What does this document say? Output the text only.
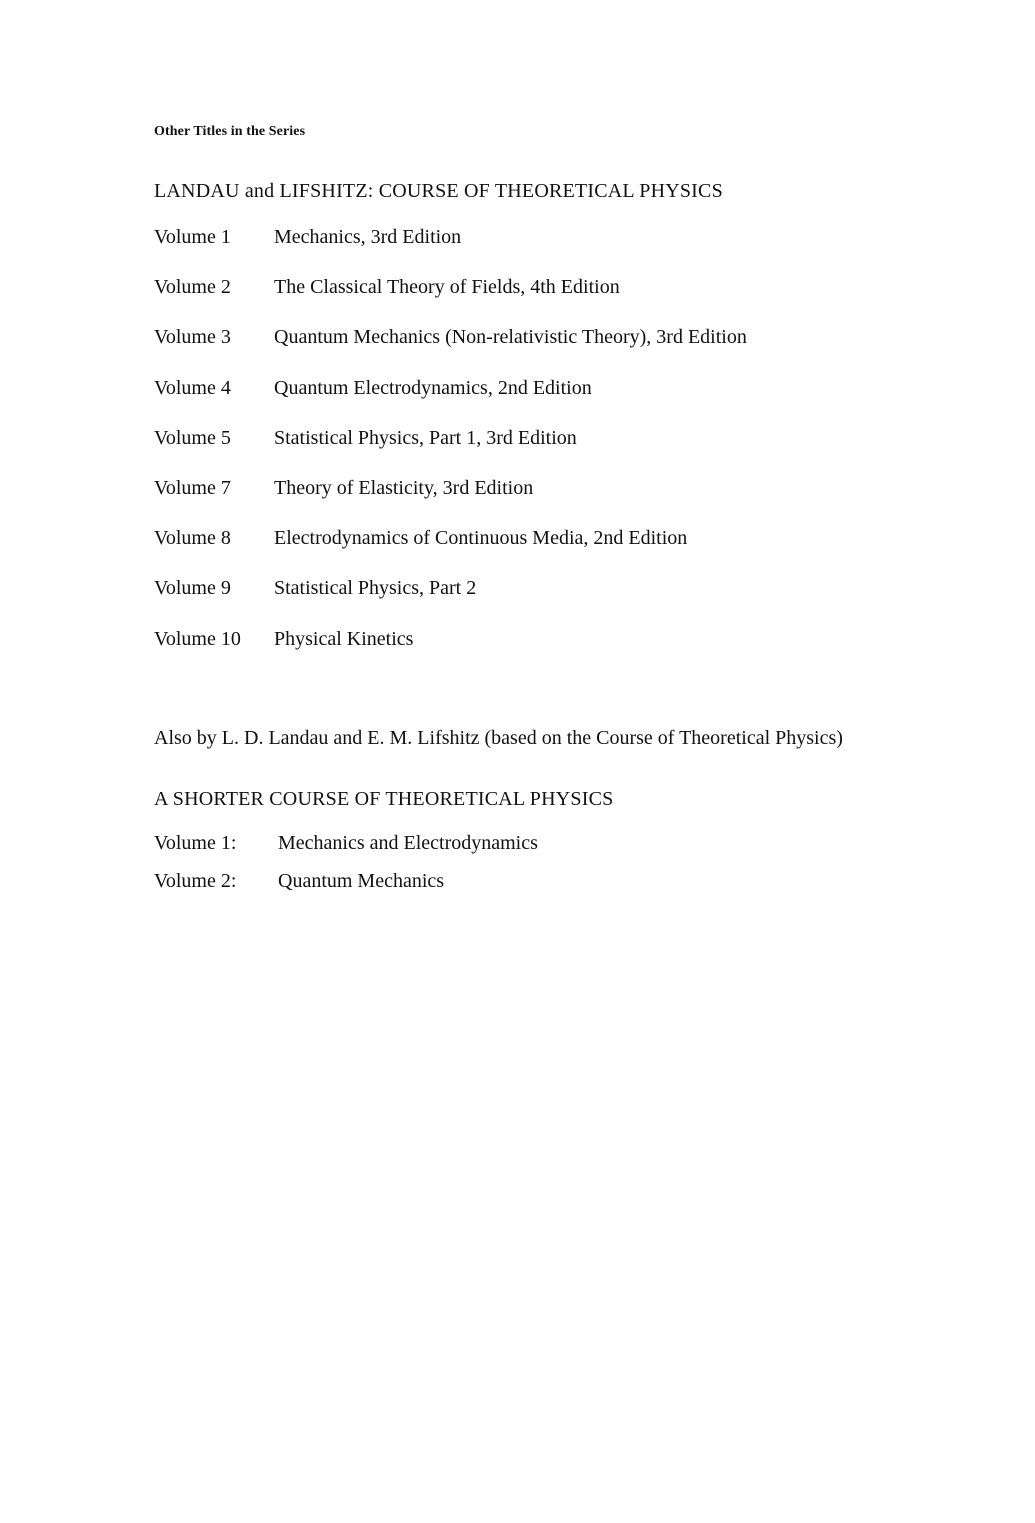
Other Titles in the Series
LANDAU and LIFSHITZ: COURSE OF THEORETICAL PHYSICS
Volume 1	Mechanics, 3rd Edition
Volume 2	The Classical Theory of Fields, 4th Edition
Volume 3	Quantum Mechanics (Non-relativistic Theory), 3rd Edition
Volume 4	Quantum Electrodynamics, 2nd Edition
Volume 5	Statistical Physics, Part 1, 3rd Edition
Volume 7	Theory of Elasticity, 3rd Edition
Volume 8	Electrodynamics of Continuous Media, 2nd Edition
Volume 9	Statistical Physics, Part 2
Volume 10	Physical Kinetics
Also by L. D. Landau and E. M. Lifshitz (based on the Course of Theoretical Physics)
A SHORTER COURSE OF THEORETICAL PHYSICS
Volume 1:	Mechanics and Electrodynamics
Volume 2:	Quantum Mechanics
